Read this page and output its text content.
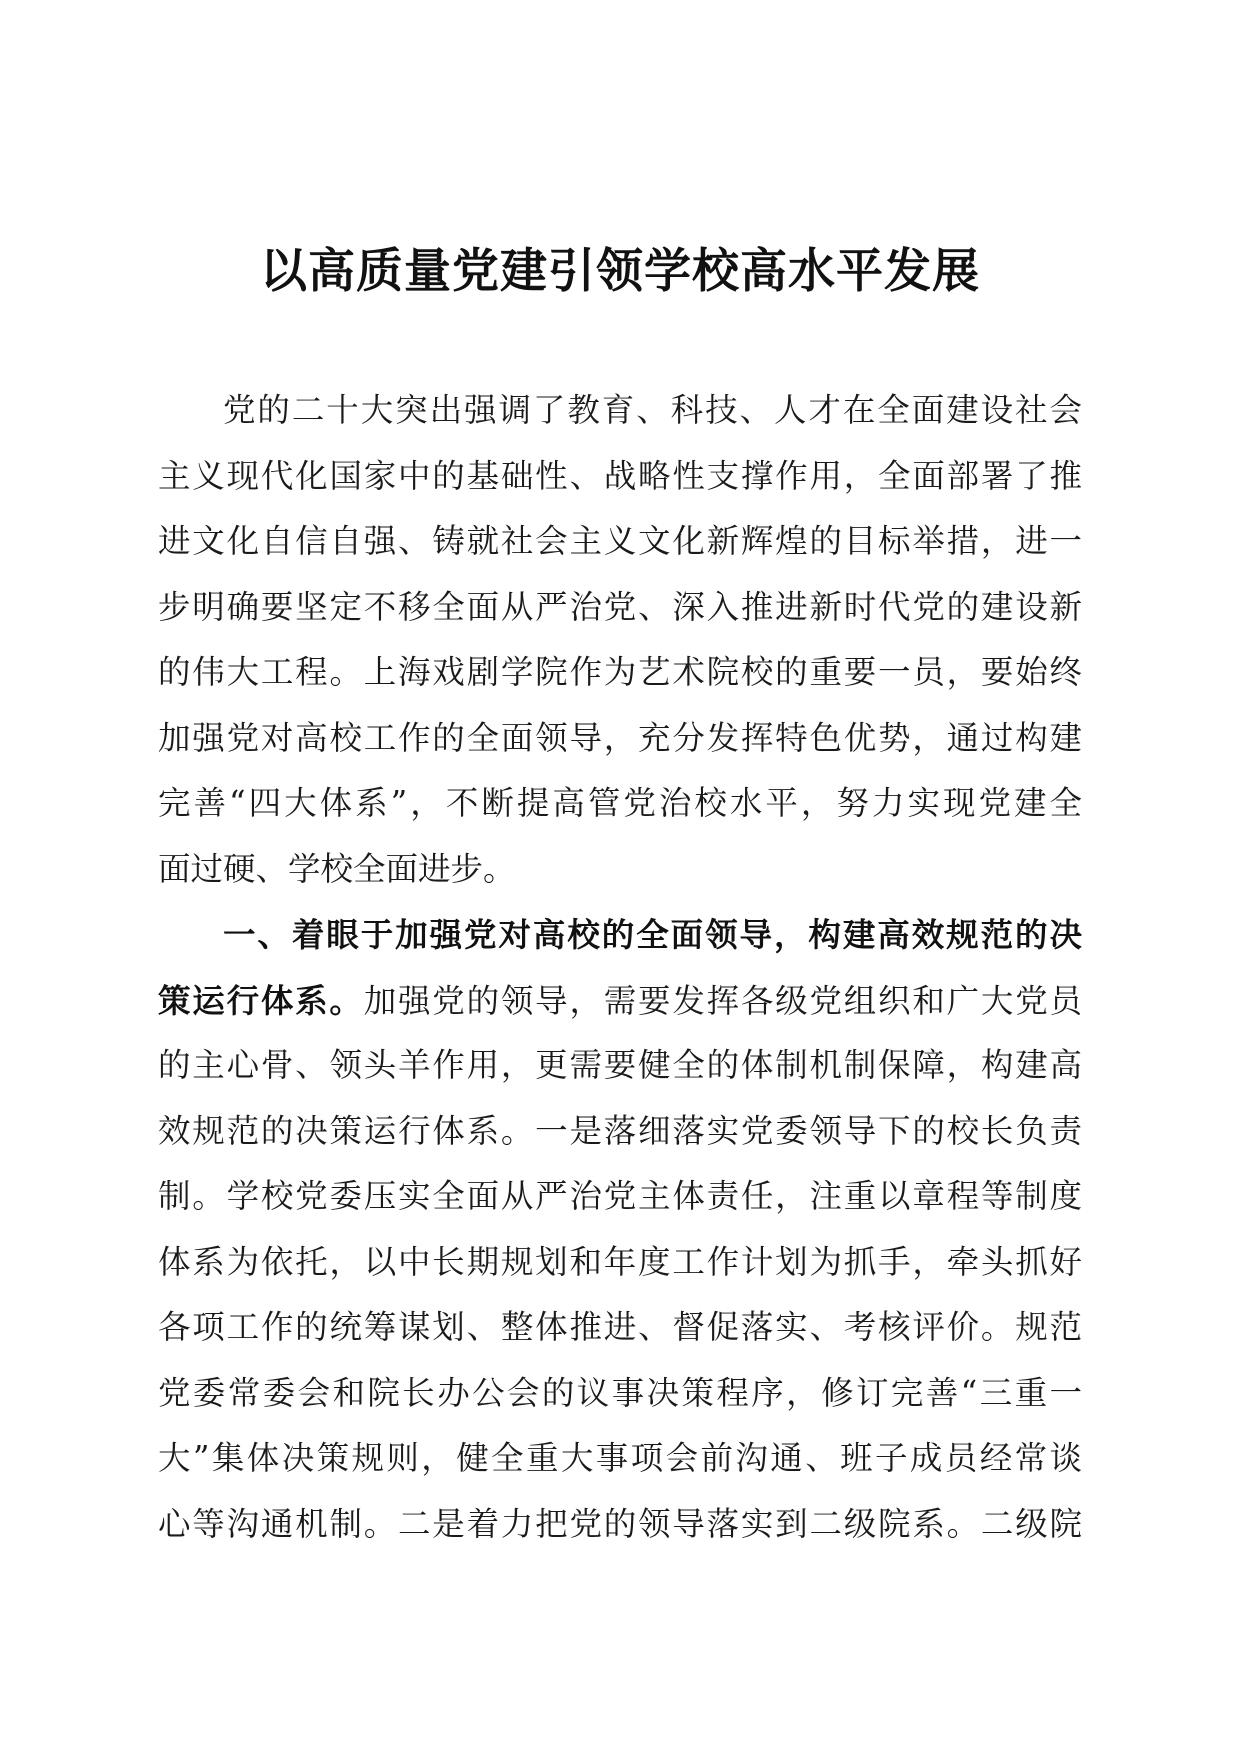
以高质量党建引领学校高水平发展
党的二十大突出强调了教育、科技、人才在全面建设社会
主义现代化国家中的基础性、战略性支撑作用，全面部署了推
进文化自信自强、铸就社会主义文化新辉煌的目标举措，进一
步明确要坚定不移全面从严治党、深入推进新时代党的建设新
的伟大工程。上海戏剧学院作为艺术院校的重要一员，要始终
加强党对高校工作的全面领导，充分发挥特色优势，通过构建
完善“四大体系”，不断提高管党治校水平，努力实现党建全
面过硬、学校全面进步。
一、着眼于加强党对高校的全面领导，构建高效规范的决
策运行体系。加强党的领导，需要发挥各级党组织和广大党员
的主心骨、领头羊作用，更需要健全的体制机制保障，构建高
效规范的决策运行体系。一是落细落实党委领导下的校长负责
制。学校党委压实全面从严治党主体责任，注重以章程等制度
体系为依托，以中长期规划和年度工作计划为抓手，牵头抓好
各项工作的统筹谋划、整体推进、督促落实、考核评价。规范
党委常委会和院长办公会的议事决策程序，修订完善“三重一
大”集体决策规则，健全重大事项会前沟通、班子成员经常谈
心等沟通机制。二是着力把党的领导落实到二级院系。二级院
